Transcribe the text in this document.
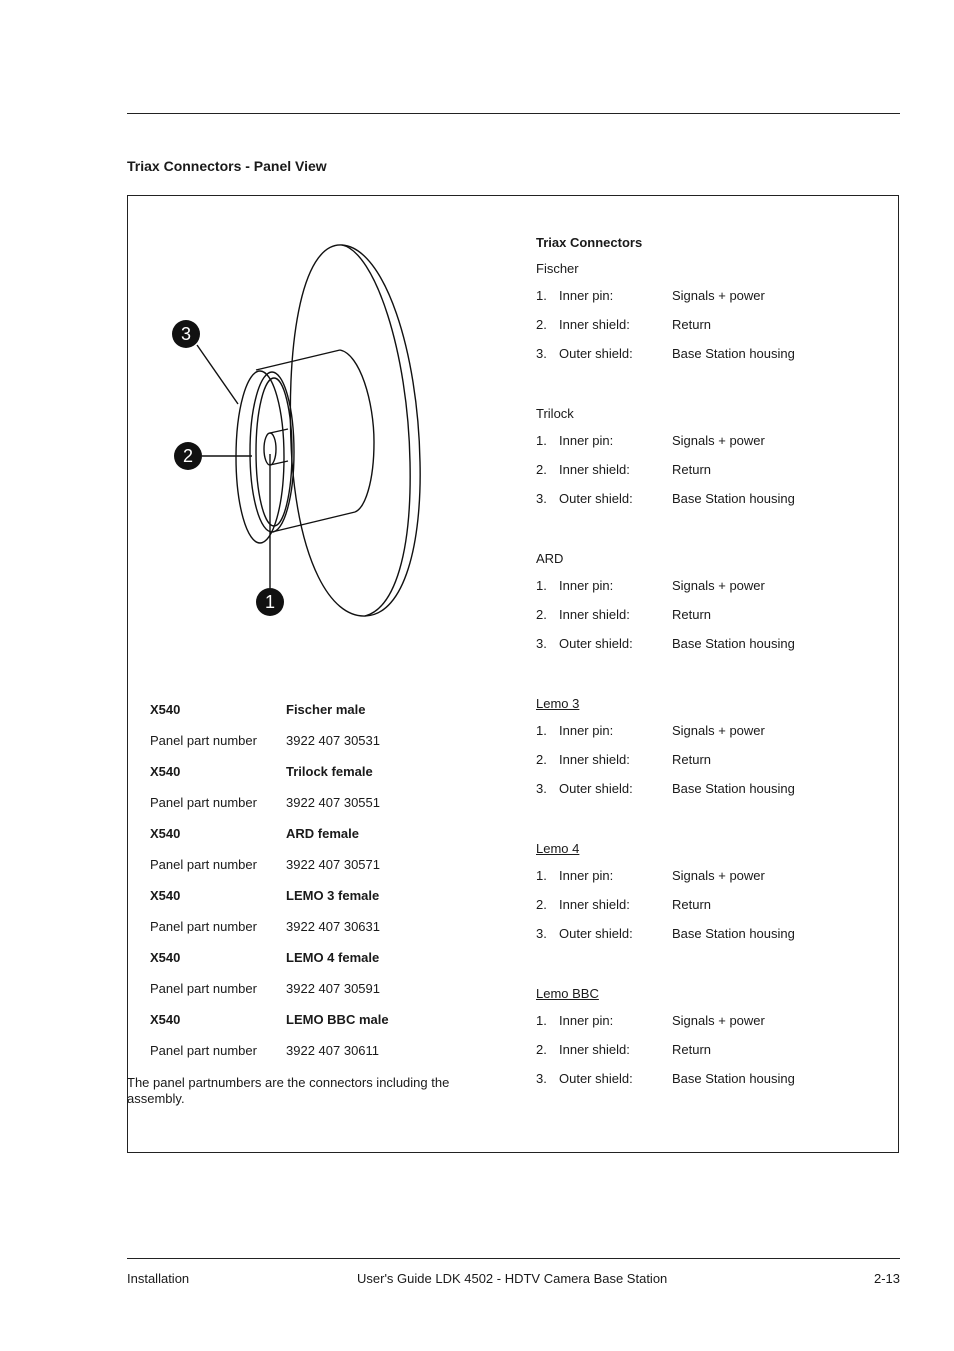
Triax Connectors - Panel View
3
2
1
X540	Fischer male
Panel part number 3922 407 30531
X540	Trilock female
Panel part number 3922 407 30551
X540	ARD female
Panel part number 3922 407 30571
X540	LEMO 3 female
Panel part number 3922 407 30631
X540	LEMO 4 female
Panel part number 3922 407 30591
X540	LEMO BBC male
Panel part number 3922 407 30611
The panel partnumbers are the connectors including the assembly.
Triax Connectors
Fischer
1. Inner pin:	Signals + power
2. Inner shield:	Return
3. Outer shield:	Base Station housing
Trilock
1. Inner pin:	Signals + power
2. Inner shield:	Return
3. Outer shield:	Base Station housing
ARD
1. Inner pin:	Signals + power
2. Inner shield:	Return
3. Outer shield:	Base Station housing
Lemo 3
1. Inner pin:	Signals + power
2. Inner shield:	Return
3. Outer shield:	Base Station housing
Lemo 4
1. Inner pin:	Signals + power
2. Inner shield:	Return
3. Outer shield:	Base Station housing
Lemo BBC
1. Inner pin:	Signals + power
2. Inner shield:	Return
3. Outer shield:	Base Station housing
Installation	User's Guide LDK 4502 - HDTV Camera Base Station	2-13
